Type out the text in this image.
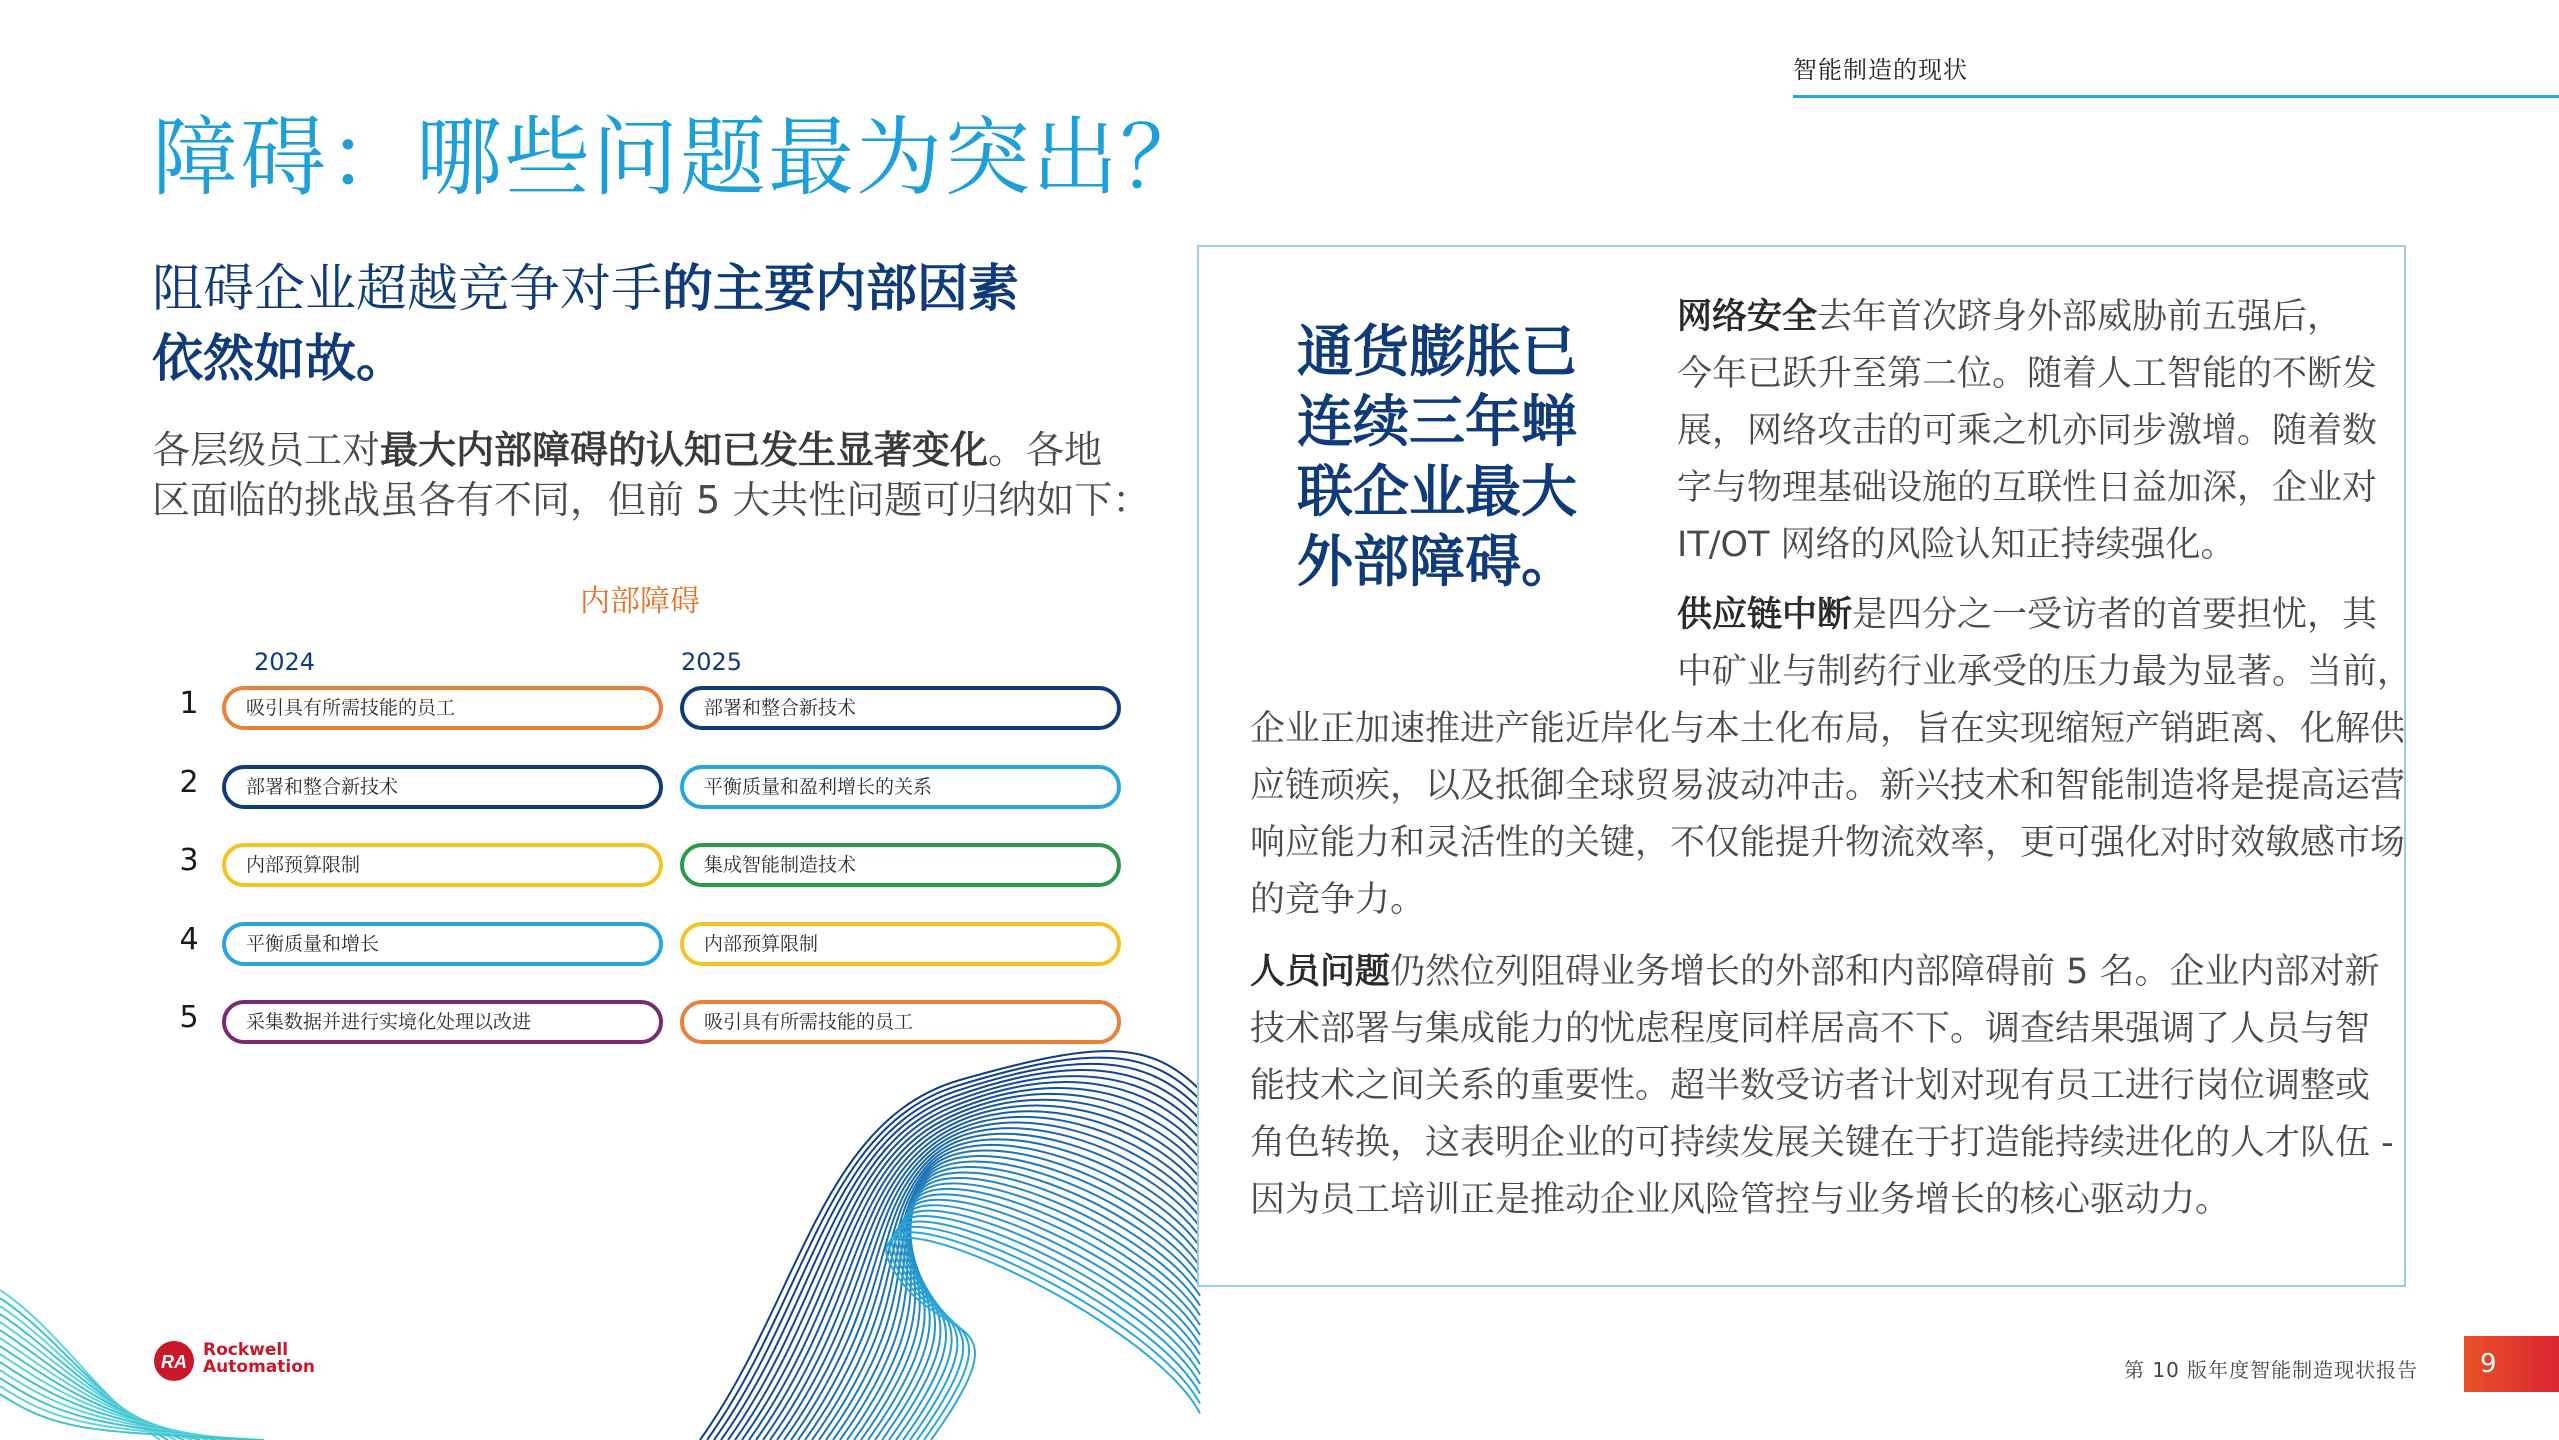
智能制造的现状
障碍：哪些问题最为突出？
阻碍企业超越竞争对手的主要内部因素
依然如故。
各层级员工对最大内部障碍的认知已发生显著变化。各地
区面临的挑战虽各有不同，但前 5 大共性问题可归纳如下：
内部障碍
2024	2025
1	吸引具有所需技能的员工	部署和整合新技术
2	部署和整合新技术	平衡质量和盈利增长的关系
3	内部预算限制	集成智能制造技术
4	平衡质量和增长	内部预算限制
5	采集数据并进行实境化处理以改进	吸引具有所需技能的员工
通货膨胀已
连续三年蝉
联企业最大
外部障碍。
网络安全去年首次跻身外部威胁前五强后，
今年已跃升至第二位。随着人工智能的不断发
展，网络攻击的可乘之机亦同步激增。随着数
字与物理基础设施的互联性日益加深，企业对
IT/OT 网络的风险认知正持续强化。
供应链中断是四分之一受访者的首要担忧，其
中矿业与制药行业承受的压力最为显著。当前，
企业正加速推进产能近岸化与本土化布局，旨在实现缩短产销距离、化解供
应链顽疾，以及抵御全球贸易波动冲击。新兴技术和智能制造将是提高运营
响应能力和灵活性的关键，不仅能提升物流效率，更可强化对时效敏感市场
的竞争力。
人员问题仍然位列阻碍业务增长的外部和内部障碍前 5 名。企业内部对新
技术部署与集成能力的忧虑程度同样居高不下。调查结果强调了人员与智
能技术之间关系的重要性。超半数受访者计划对现有员工进行岗位调整或
角色转换，这表明企业的可持续发展关键在于打造能持续进化的人才队伍 -
因为员工培训正是推动企业风险管控与业务增长的核心驱动力。
RA
Rockwell
Automation	第 10 版年度智能制造现状报告	9
